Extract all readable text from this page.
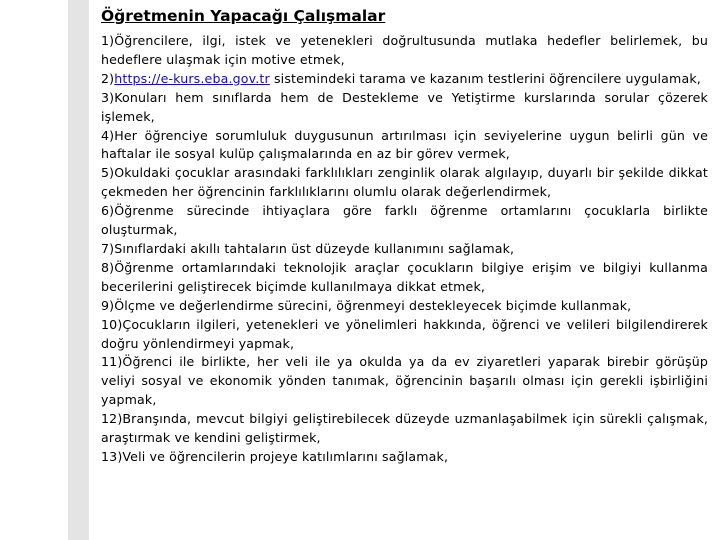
Öğretmenin Yapacağı Çalışmalar
1)Öğrencilere, ilgi, istek ve yetenekleri doğrultusunda mutlaka hedefler belirlemek, bu hedeflere ulaşmak için motive etmek,
2)https://e-kurs.eba.gov.tr sistemindeki tarama ve kazanım testlerini öğrencilere uygulamak,
3)Konuları hem sınıflarda hem de Destekleme ve Yetiştirme kurslarında sorular çözerek işlemek,
4)Her öğrenciye sorumluluk duygusunun artırılması için seviyelerine uygun belirli gün ve haftalar ile sosyal kulüp çalışmalarında en az bir görev vermek,
5)Okuldaki çocuklar arasındaki farklılıkları zenginlik olarak algılayıp, duyarlı bir şekilde dikkat çekmeden her öğrencinin farklılıklarını olumlu olarak değerlendirmek,
6)Öğrenme sürecinde ihtiyaçlara göre farklı öğrenme ortamlarını çocuklarla birlikte oluşturmak,
7)Sınıflardaki akıllı tahtaların üst düzeyde kullanımını sağlamak,
8)Öğrenme ortamlarındaki teknolojik araçlar çocukların bilgiye erişim ve bilgiyi kullanma becerilerini geliştirecek biçimde kullanılmaya dikkat etmek,
9)Ölçme ve değerlendirme sürecini, öğrenmeyi destekleyecek biçimde kullanmak,
10)Çocukların ilgileri, yetenekleri ve yönelimleri hakkında, öğrenci ve velileri bilgilendirerek doğru yönlendirmeyi yapmak,
11)Öğrenci ile birlikte, her veli ile ya okulda ya da ev ziyaretleri yaparak birebir görüşüp veliyi sosyal ve ekonomik yönden tanımak, öğrencinin başarılı olması için gerekli işbirliğini yapmak,
12)Branşında, mevcut bilgiyi geliştirebilecek düzeyde uzmanlaşabilmek için sürekli çalışmak, araştırmak ve kendini geliştirmek,
13)Veli ve öğrencilerin projeye katılımlarını sağlamak,
